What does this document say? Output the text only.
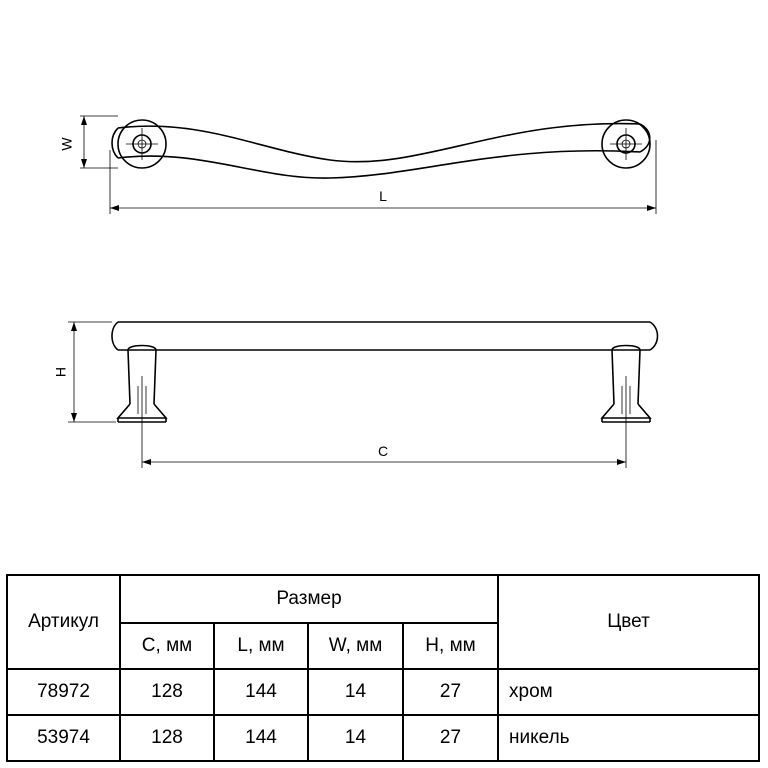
W
L
H
C
Артикул	Размер				Цвет
	C, мм	L, мм	W, мм	H, мм	
78972	128	144	14	27	хром
53974	128	144	14	27	никель
